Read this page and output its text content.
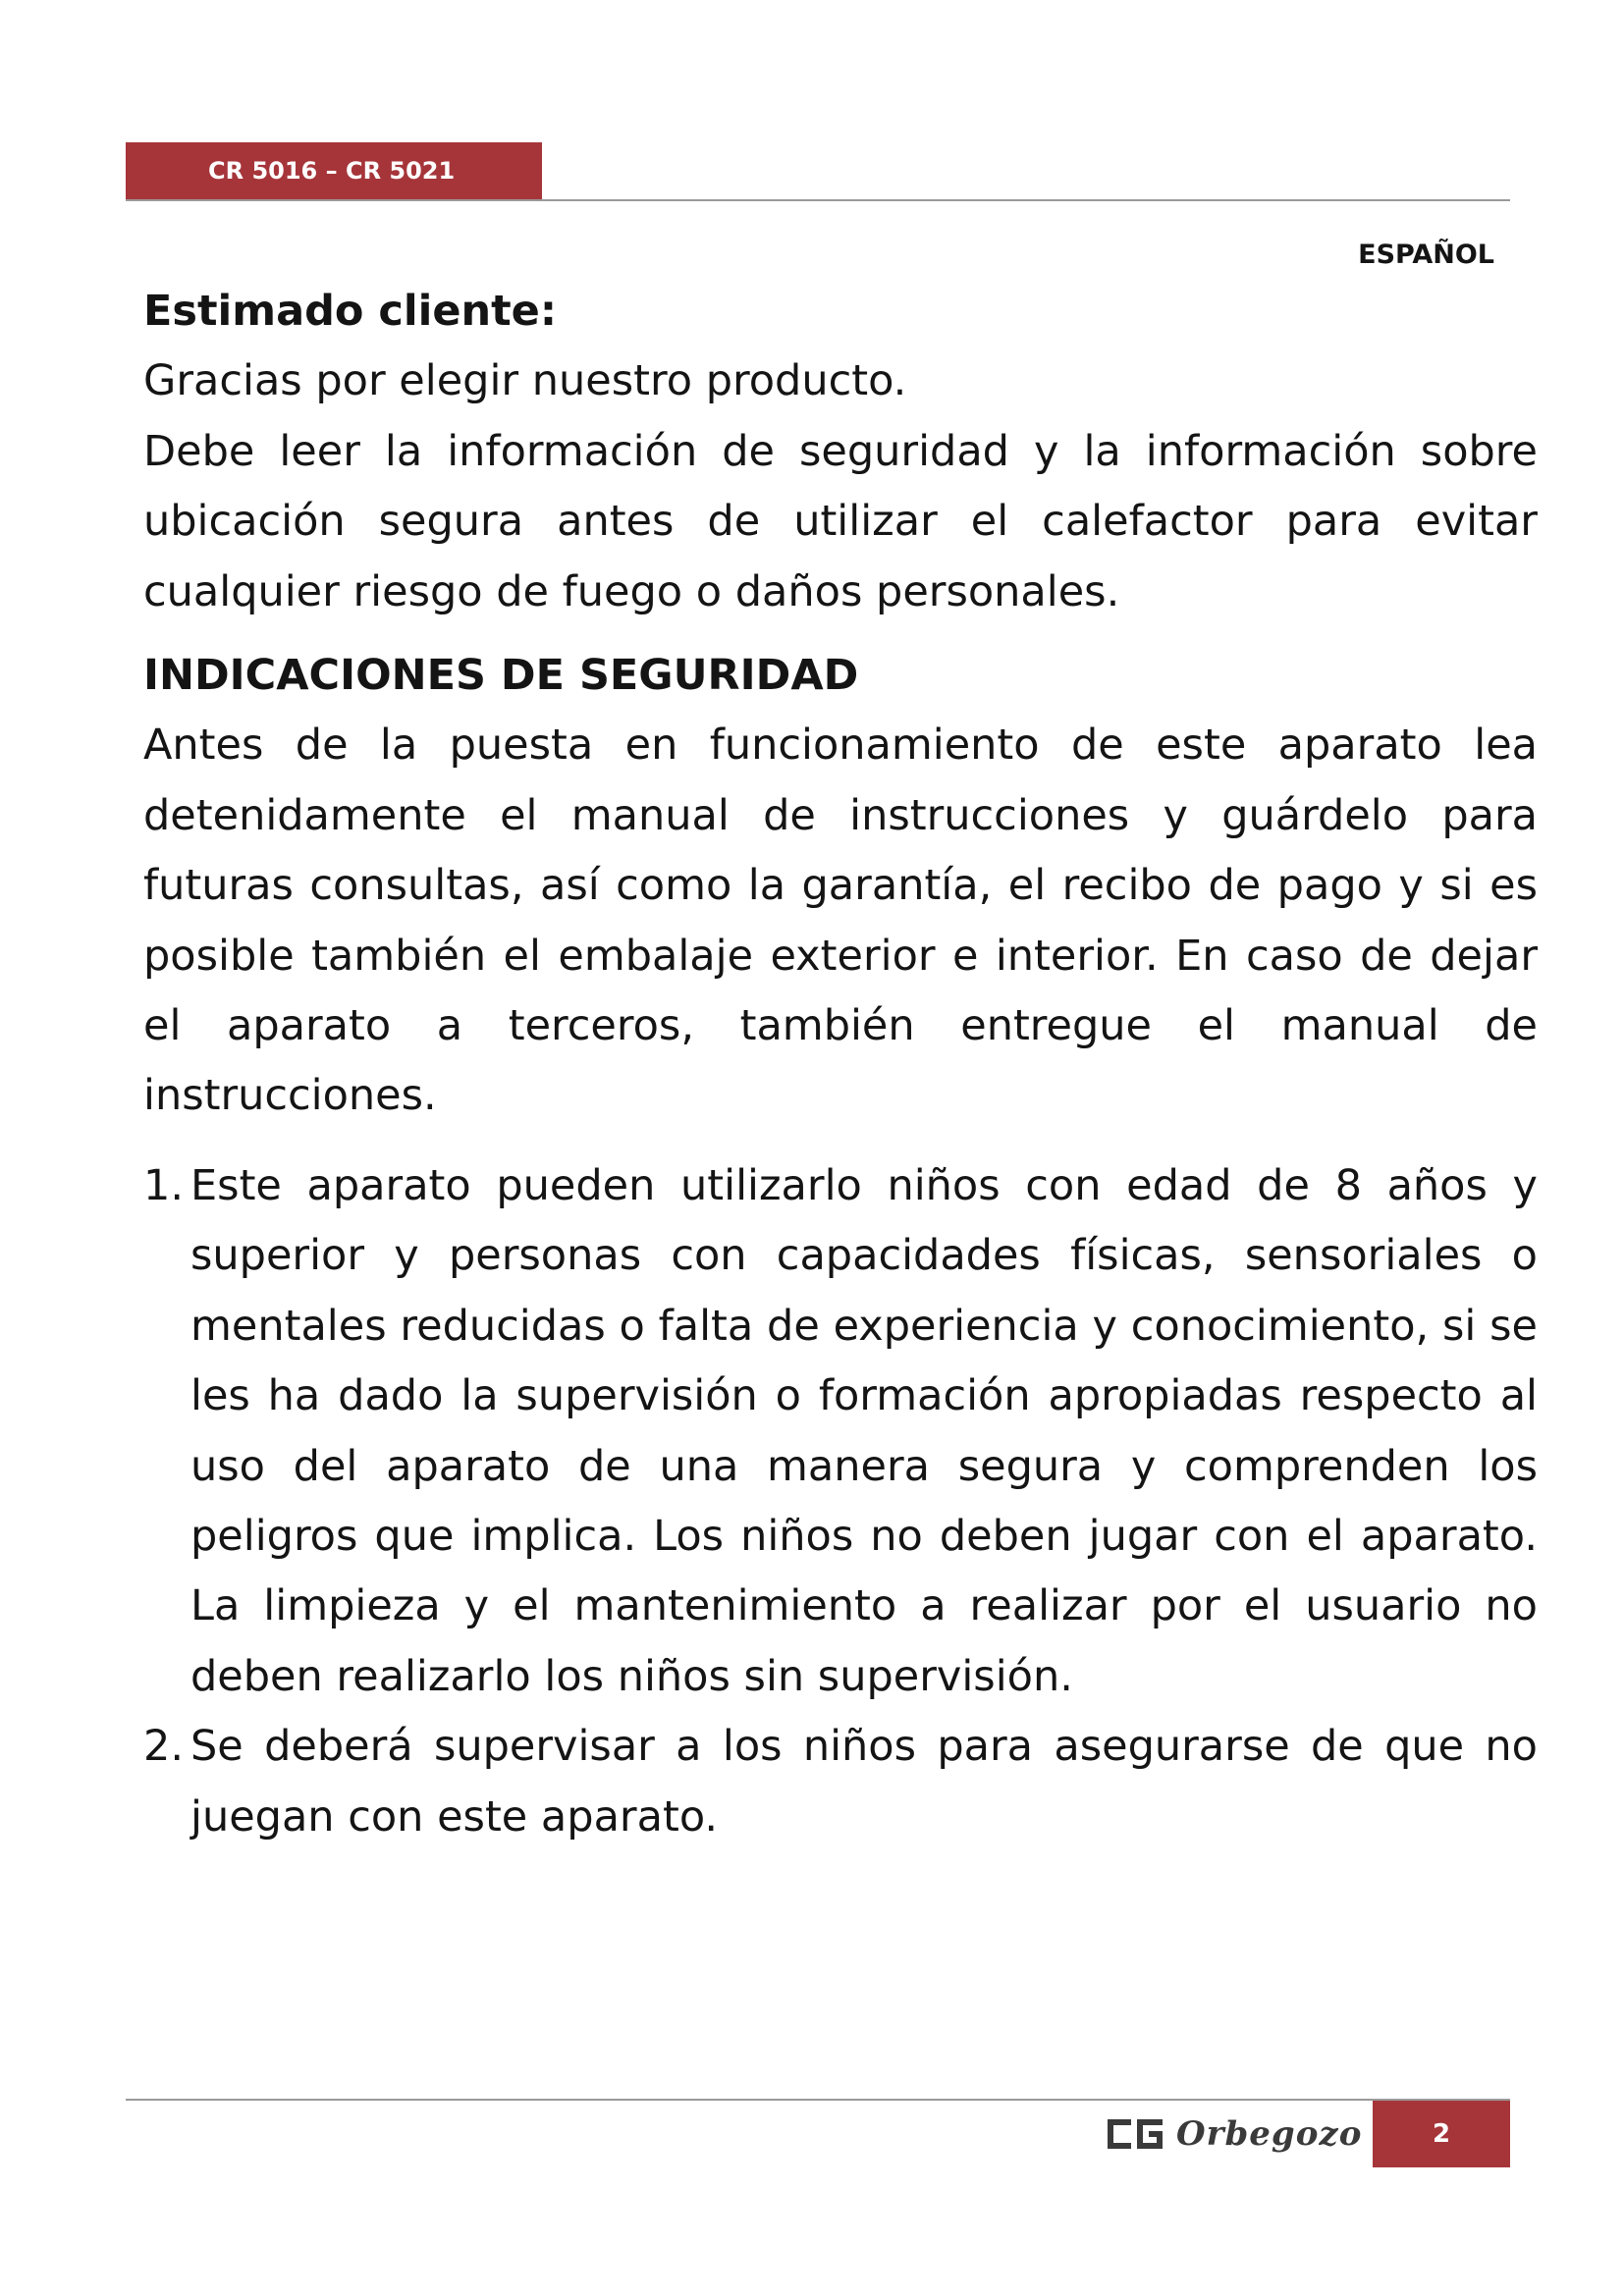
CR 5016 – CR 5021
ESPAÑOL
Estimado cliente:

Gracias por elegir nuestro producto.

Debe leer la información de seguridad y la información sobre ubicación segura antes de utilizar el calefactor para evitar cualquier riesgo de fuego o daños personales.

INDICACIONES DE SEGURIDAD

Antes de la puesta en funcionamiento de este aparato lea detenidamente el manual de instrucciones y guárdelo para futuras consultas, así como la garantía, el recibo de pago y si es posible también el embalaje exterior e interior. En caso de dejar el aparato a terceros, también entregue el manual de instrucciones.

1. Este aparato pueden utilizarlo niños con edad de 8 años y superior y personas con capacidades físicas, sensoriales o mentales reducidas o falta de experiencia y conocimiento, si se les ha dado la supervisión o formación apropiadas respecto al uso del aparato de una manera segura y comprenden los peligros que implica. Los niños no deben jugar con el aparato. La limpieza y el mantenimiento a realizar por el usuario no deben realizarlo los niños sin supervisión.
2. Se deberá supervisar a los niños para asegurarse de que no juegan con este aparato.
Orbegozo	2
